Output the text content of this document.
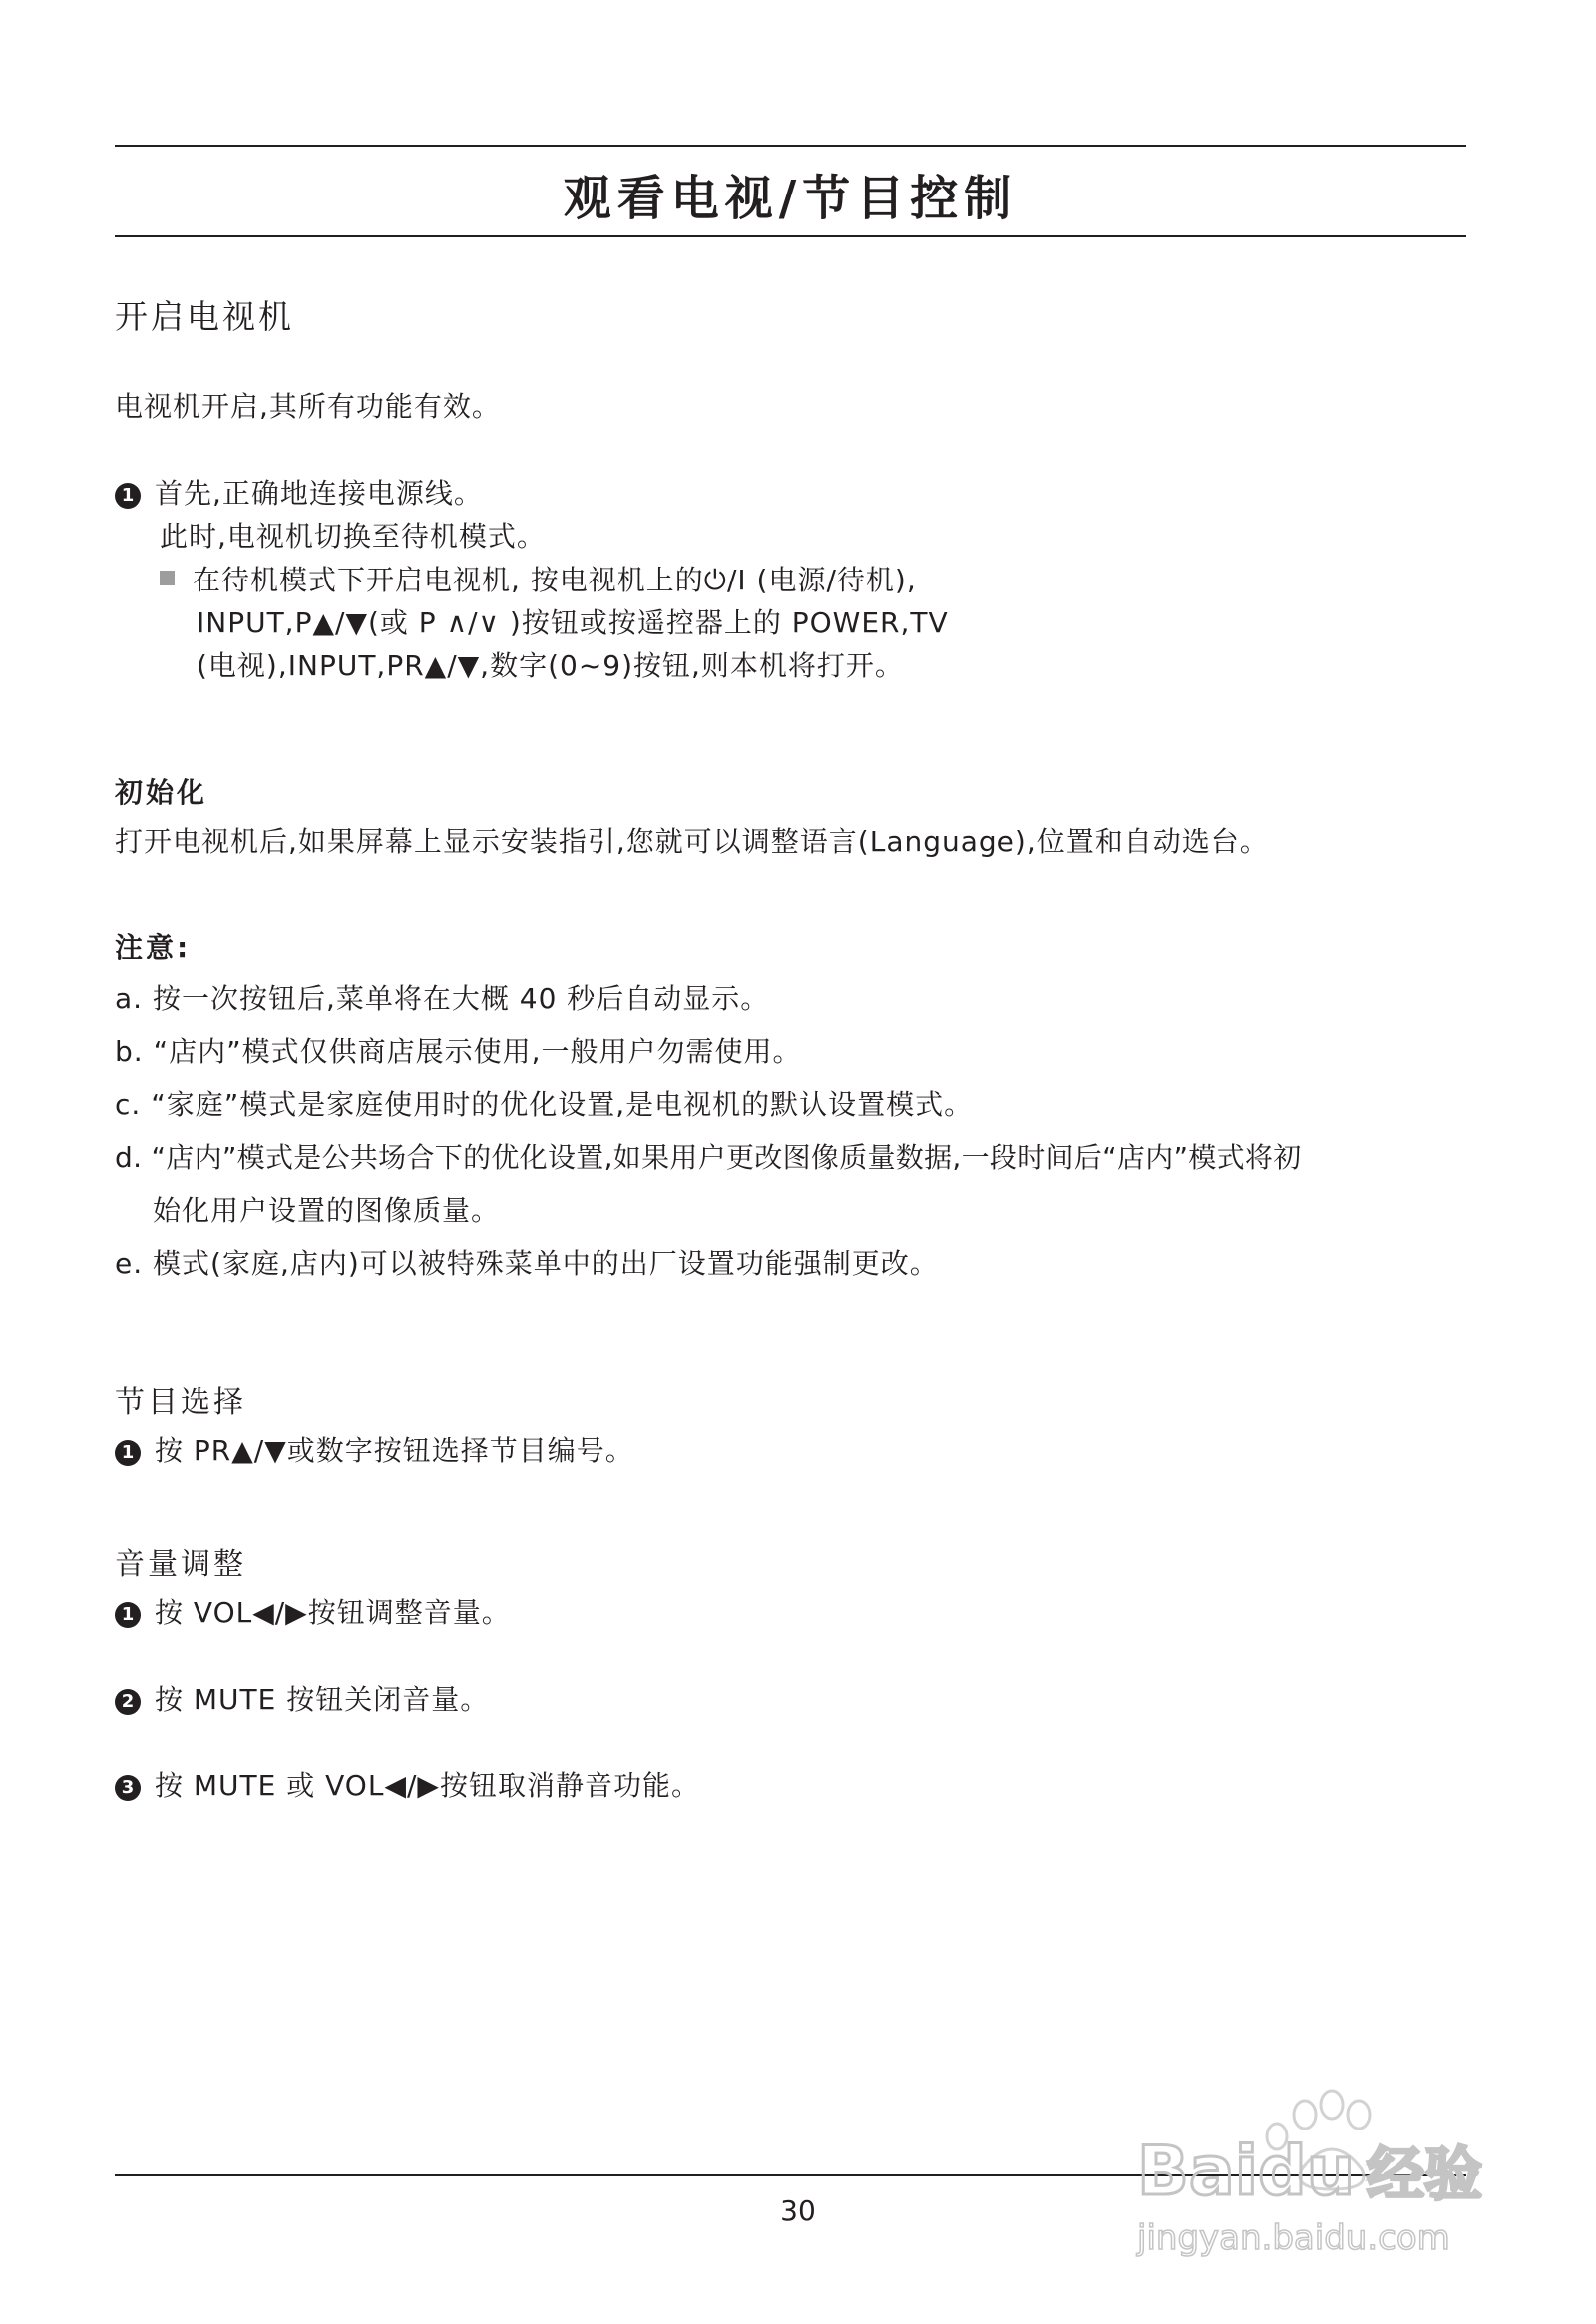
观看电视/节目控制
开启电视机
电视机开启,其所有功能有效。
1 首先,正确地连接电源线。
此时,电视机切换至待机模式。
在待机模式下开启电视机, 按电视机上的⏻/I (电源/待机),
INPUT,P▲/▼(或 P ∧/∨ )按钮或按遥控器上的 POWER,TV
(电视),INPUT,PR▲/▼,数字(0~9)按钮,则本机将打开。
初始化
打开电视机后,如果屏幕上显示安装指引,您就可以调整语言(Language),位置和自动选台。
注意:
a. 按一次按钮后,菜单将在大概 40 秒后自动显示。
b. “店内”模式仅供商店展示使用,一般用户勿需使用。
c. “家庭”模式是家庭使用时的优化设置,是电视机的默认设置模式。
d. “店内”模式是公共场合下的优化设置,如果用户更改图像质量数据,一段时间后“店内”模式将初
始化用户设置的图像质量。
e. 模式(家庭,店内)可以被特殊菜单中的出厂设置功能强制更改。
节目选择
1 按 PR▲/▼或数字按钮选择节目编号。
音量调整
1 按 VOL◀/▶按钮调整音量。
2 按 MUTE 按钮关闭音量。
3 按 MUTE 或 VOL◀/▶按钮取消静音功能。
30	Baidu 经验
jingyan.baidu.com
